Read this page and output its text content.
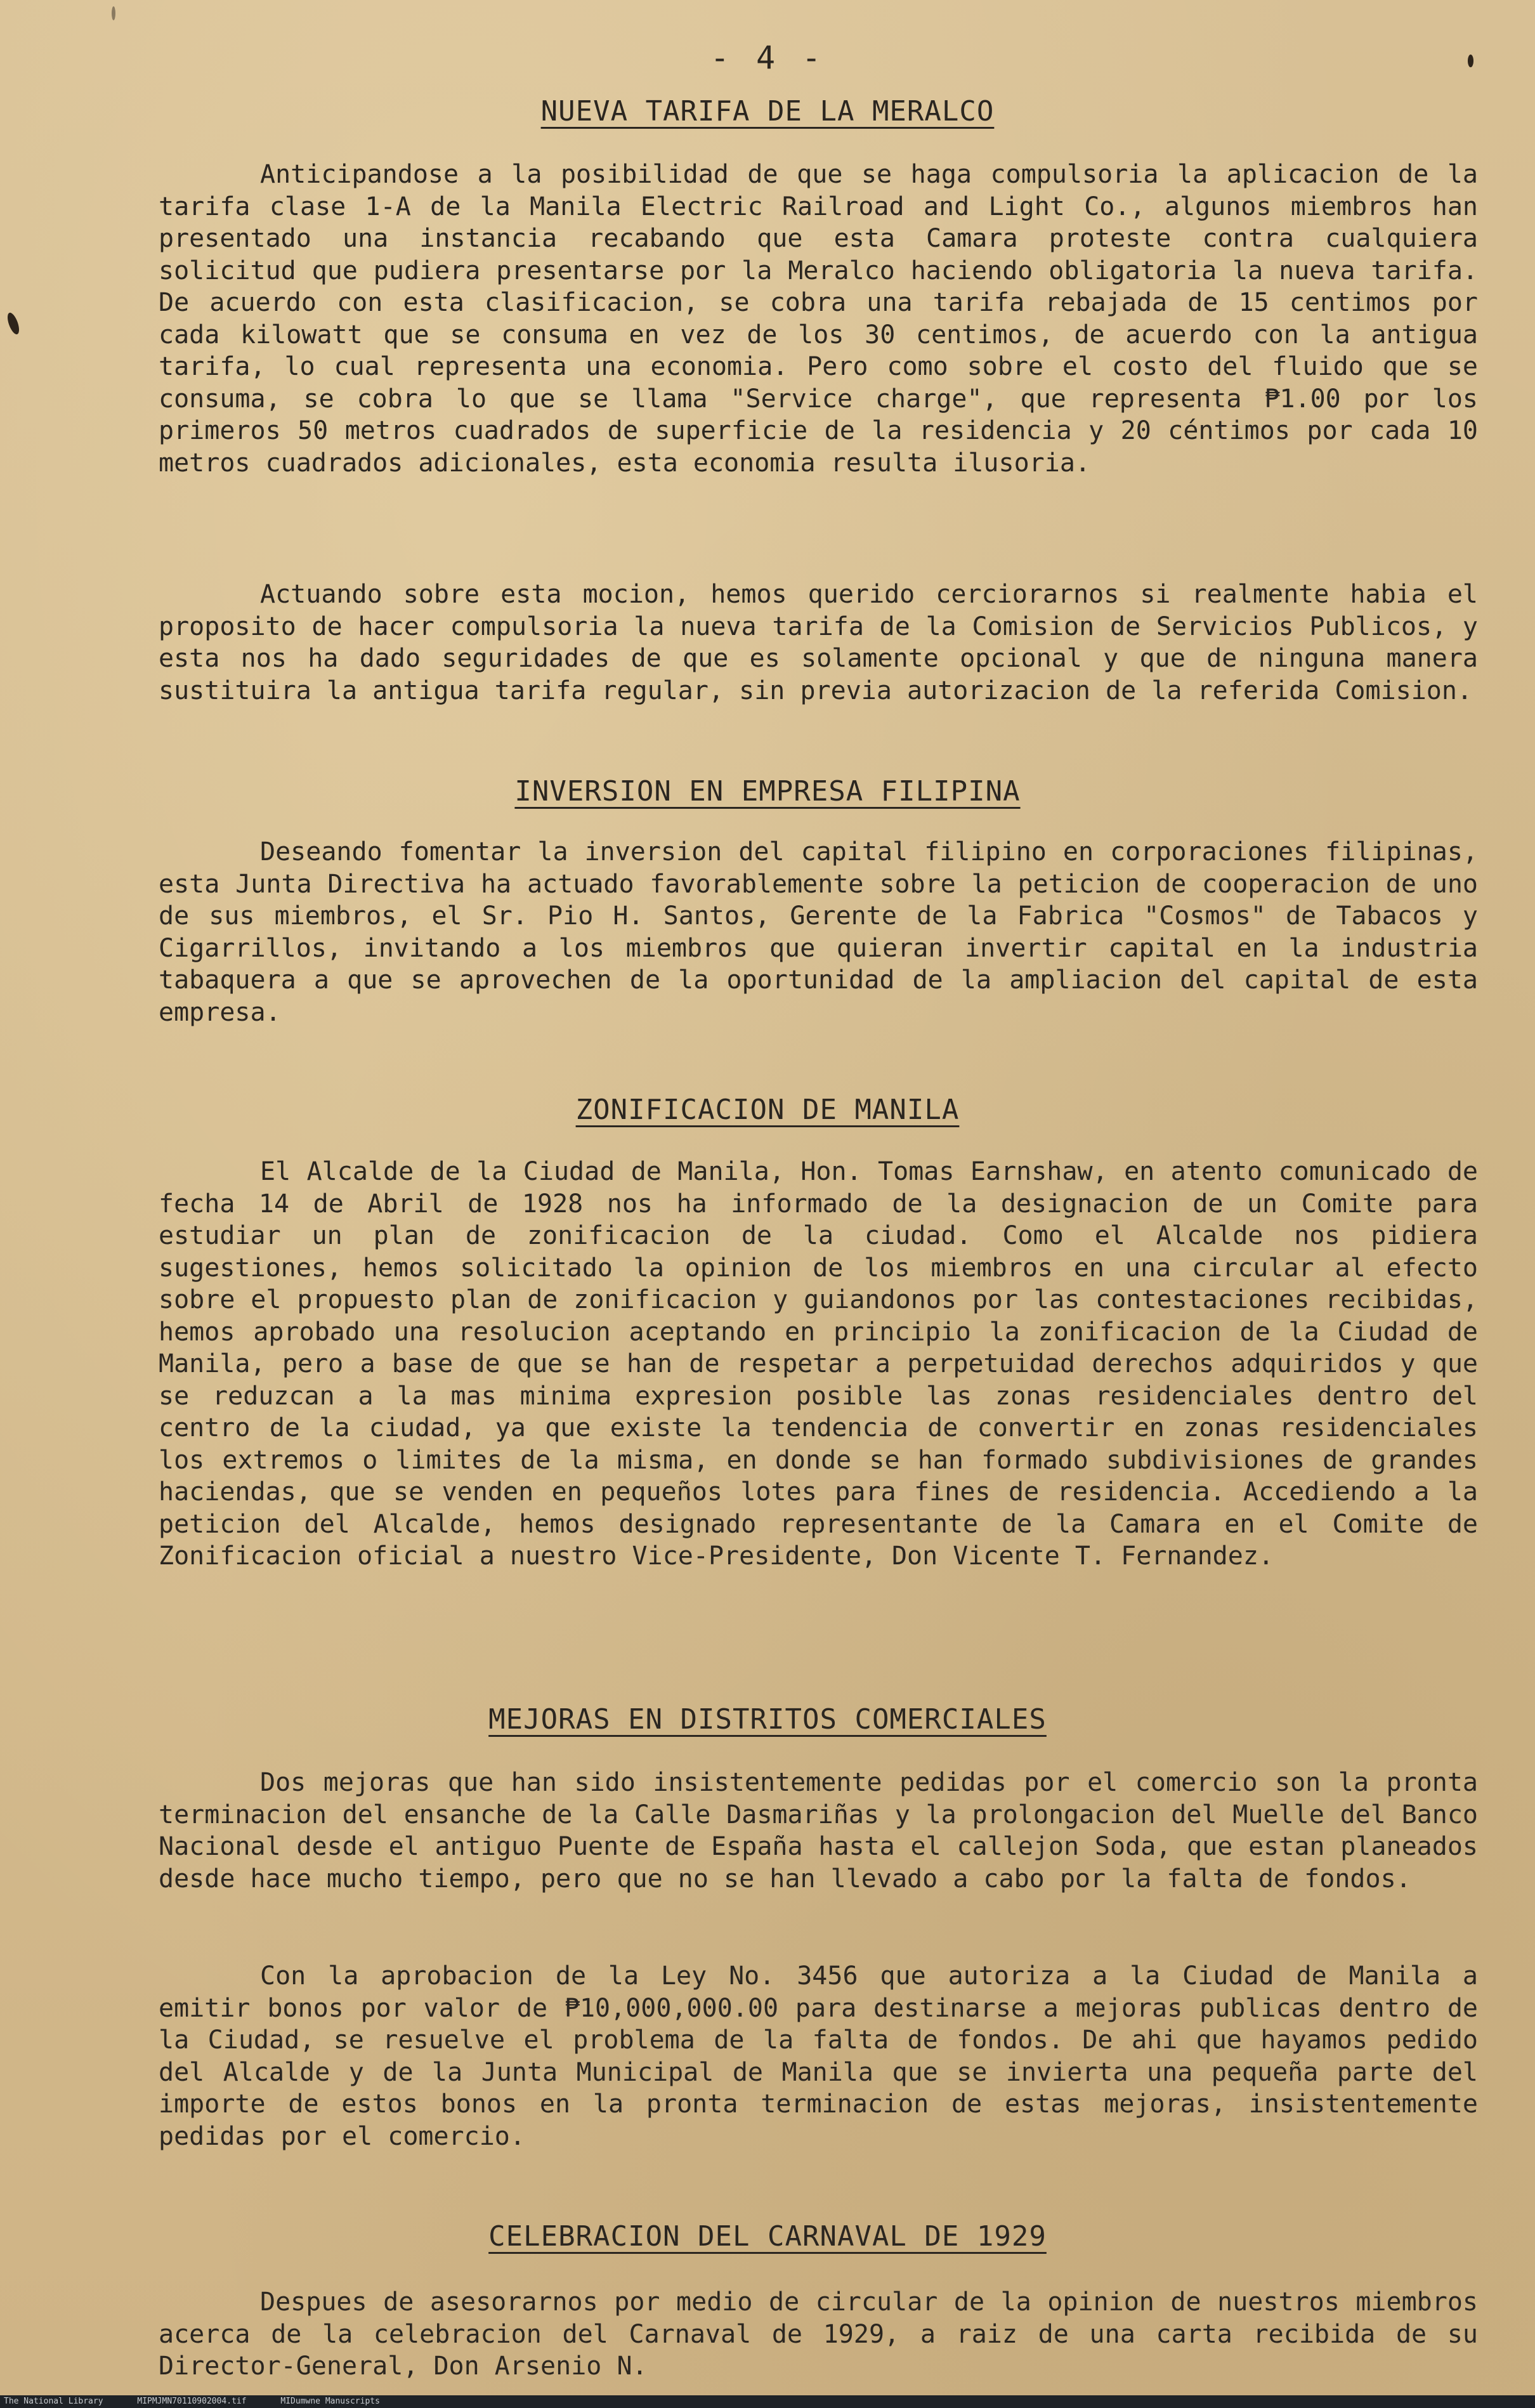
- 4 -
NUEVA TARIFA DE LA MERALCO

Anticipandose a la posibilidad de que se haga compulsoria la aplicacion de la tarifa clase 1-A de la Manila Electric Railroad and Light Co., algunos miembros han presentado una instancia recabando que esta Camara proteste contra cualquiera solicitud que pudiera presentarse por la Meralco haciendo obligatoria la nueva tarifa. De acuerdo con esta clasificacion, se cobra una tarifa rebajada de 15 centimos por cada kilowatt que se consuma en vez de los 30 centimos, de acuerdo con la antigua tarifa, lo cual representa una economia. Pero como sobre el costo del fluido que se consuma, se cobra lo que se llama "Service charge", que representa ₱1.00 por los primeros 50 metros cuadrados de superficie de la residencia y 20 céntimos por cada 10 metros cuadrados adicionales, esta economia resulta ilusoria.

Actuando sobre esta mocion, hemos querido cerciorarnos si realmente habia el proposito de hacer compulsoria la nueva tarifa de la Comision de Servicios Publicos, y esta nos ha dado seguridades de que es solamente opcional y que de ninguna manera sustituira la antigua tarifa regular, sin previa autorizacion de la referida Comision.

INVERSION EN EMPRESA FILIPINA

Deseando fomentar la inversion del capital filipino en corporaciones filipinas, esta Junta Directiva ha actuado favorablemente sobre la peticion de cooperacion de uno de sus miembros, el Sr. Pio H. Santos, Gerente de la Fabrica "Cosmos" de Tabacos y Cigarrillos, invitando a los miembros que quieran invertir capital en la industria tabaquera a que se aprovechen de la oportunidad de la ampliacion del capital de esta empresa.

ZONIFICACION DE MANILA

El Alcalde de la Ciudad de Manila, Hon. Tomas Earnshaw, en atento comunicado de fecha 14 de Abril de 1928 nos ha informado de la designacion de un Comite para estudiar un plan de zonificacion de la ciudad. Como el Alcalde nos pidiera sugestiones, hemos solicitado la opinion de los miembros en una circular al efecto sobre el propuesto plan de zonificacion y guiandonos por las contestaciones recibidas, hemos aprobado una resolucion aceptando en principio la zonificacion de la Ciudad de Manila, pero a base de que se han de respetar a perpetuidad derechos adquiridos y que se reduzcan a la mas minima expresion posible las zonas residenciales dentro del centro de la ciudad, ya que existe la tendencia de convertir en zonas residenciales los extremos o limites de la misma, en donde se han formado subdivisiones de grandes haciendas, que se venden en pequeños lotes para fines de residencia. Accediendo a la peticion del Alcalde, hemos designado representante de la Camara en el Comite de Zonificacion oficial a nuestro Vice-Presidente, Don Vicente T. Fernandez.

MEJORAS EN DISTRITOS COMERCIALES

Dos mejoras que han sido insistentemente pedidas por el comercio son la pronta terminacion del ensanche de la Calle Dasmariñas y la prolongacion del Muelle del Banco Nacional desde el antiguo Puente de España hasta el callejon Soda, que estan planeados desde hace mucho tiempo, pero que no se han llevado a cabo por la falta de fondos.

Con la aprobacion de la Ley No. 3456 que autoriza a la Ciudad de Manila a emitir bonos por valor de ₱10,000,000.00 para destinarse a mejoras publicas dentro de la Ciudad, se resuelve el problema de la falta de fondos. De ahi que hayamos pedido del Alcalde y de la Junta Municipal de Manila que se invierta una pequeña parte del importe de estos bonos en la pronta terminacion de estas mejoras, insistentemente pedidas por el comercio.

CELEBRACION DEL CARNAVAL DE 1929

Despues de asesorarnos por medio de circular de la opinion de nuestros miembros acerca de la celebracion del Carnaval de 1929, a raiz de una carta recibida de su Director-General, Don Arsenio N.

The National Library	MIPMJMN70110902004.tif	MIDumwne Manuscripts
